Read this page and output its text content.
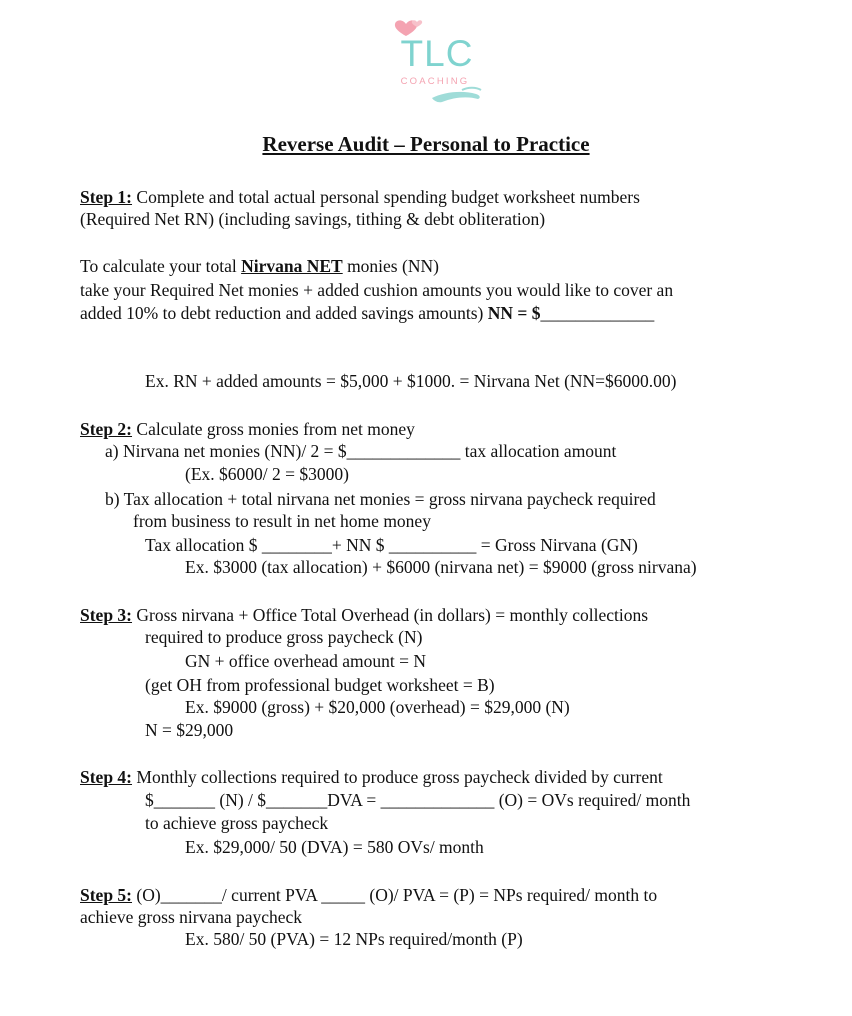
TLC
COACHING
Reverse Audit – Personal to Practice
Step 1: Complete and total actual personal spending budget worksheet numbers
(Required Net RN) (including savings, tithing & debt obliteration)
To calculate your total Nirvana NET monies (NN)
take your Required Net monies + added cushion amounts you would like to cover an
added 10% to debt reduction and added savings amounts) NN = $_____________
Ex. RN + added amounts = $5,000 + $1000. = Nirvana Net (NN=$6000.00)
Step 2: Calculate gross monies from net money
a) Nirvana net monies (NN)/ 2 = $_____________ tax allocation amount
(Ex. $6000/ 2 = $3000)
b) Tax allocation + total nirvana net monies = gross nirvana paycheck required
from business to result in net home money
Tax allocation $ ________+ NN $ __________ = Gross Nirvana (GN)
Ex. $3000 (tax allocation) + $6000 (nirvana net) = $9000 (gross nirvana)
Step 3: Gross nirvana + Office Total Overhead (in dollars) = monthly collections
required to produce gross paycheck (N)
GN + office overhead amount = N
(get OH from professional budget worksheet = B)
Ex. $9000 (gross) + $20,000 (overhead) = $29,000 (N)
N = $29,000
Step 4: Monthly collections required to produce gross paycheck divided by current
$_______ (N) / $_______DVA = _____________ (O) = OVs required/ month
to achieve gross paycheck
Ex. $29,000/ 50 (DVA) = 580 OVs/ month
Step 5: (O)_______/ current PVA _____ (O)/ PVA = (P) = NPs required/ month to
achieve gross nirvana paycheck
Ex. 580/ 50 (PVA) = 12 NPs required/month (P)
